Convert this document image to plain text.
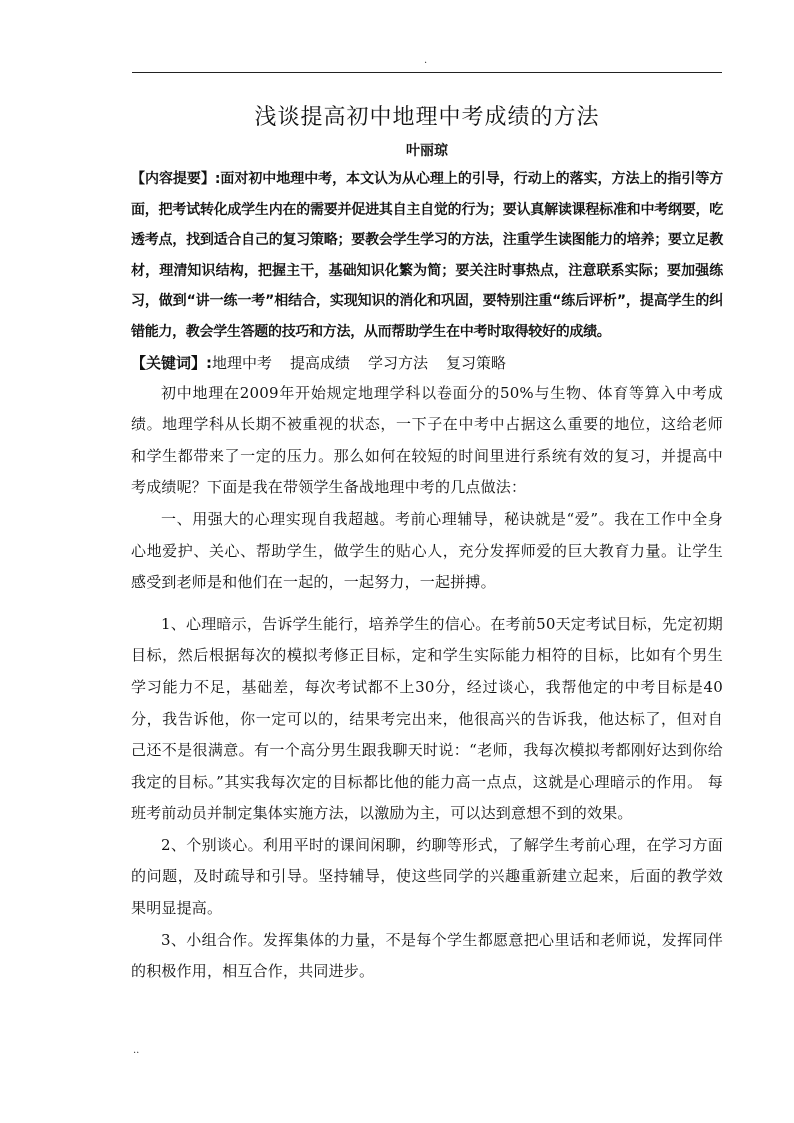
.
浅谈提高初中地理中考成绩的方法

叶丽琼

【内容提要】:面对初中地理中考，本文认为从心理上的引导，行动上的落实，方法上的指引等方面，把考试转化成学生内在的需要并促进其自主自觉的行为；要认真解读课程标准和中考纲要，吃透考点，找到适合自己的复习策略；要教会学生学习的方法，注重学生读图能力的培养；要立足教材，理清知识结构，把握主干，基础知识化繁为简；要关注时事热点，注意联系实际；要加强练习，做到“讲一练一考”相结合，实现知识的消化和巩固，要特别注重“练后评析”，提高学生的纠错能力，教会学生答题的技巧和方法，从而帮助学生在中考时取得较好的成绩。

【关键词】:地理中考 提高成绩 学习方法 复习策略

初中地理在2009年开始规定地理学科以卷面分的50%与生物、体育等算入中考成绩。地理学科从长期不被重视的状态，一下子在中考中占据这么重要的地位，这给老师和学生都带来了一定的压力。那么如何在较短的时间里进行系统有效的复习，并提高中考成绩呢？下面是我在带领学生备战地理中考的几点做法：

一、用强大的心理实现自我超越。考前心理辅导，秘诀就是“爱”。我在工作中全身心地爱护、关心、帮助学生，做学生的贴心人，充分发挥师爱的巨大教育力量。让学生感受到老师是和他们在一起的，一起努力，一起拼搏。

1、心理暗示，告诉学生能行，培养学生的信心。在考前50天定考试目标，先定初期目标，然后根据每次的模拟考修正目标，定和学生实际能力相符的目标，比如有个男生学习能力不足，基础差，每次考试都不上30分，经过谈心，我帮他定的中考目标是40分，我告诉他，你一定可以的，结果考完出来，他很高兴的告诉我，他达标了，但对自己还不是很满意。有一个高分男生跟我聊天时说：“老师，我每次模拟考都刚好达到你给我定的目标。”其实我每次定的目标都比他的能力高一点点，这就是心理暗示的作用。 每班考前动员并制定集体实施方法，以激励为主，可以达到意想不到的效果。

2、个别谈心。利用平时的课间闲聊，约聊等形式，了解学生考前心理，在学习方面的问题，及时疏导和引导。坚持辅导，使这些同学的兴趣重新建立起来，后面的教学效果明显提高。

3、小组合作。发挥集体的力量，不是每个学生都愿意把心里话和老师说，发挥同伴的积极作用，相互合作，共同进步。

..
